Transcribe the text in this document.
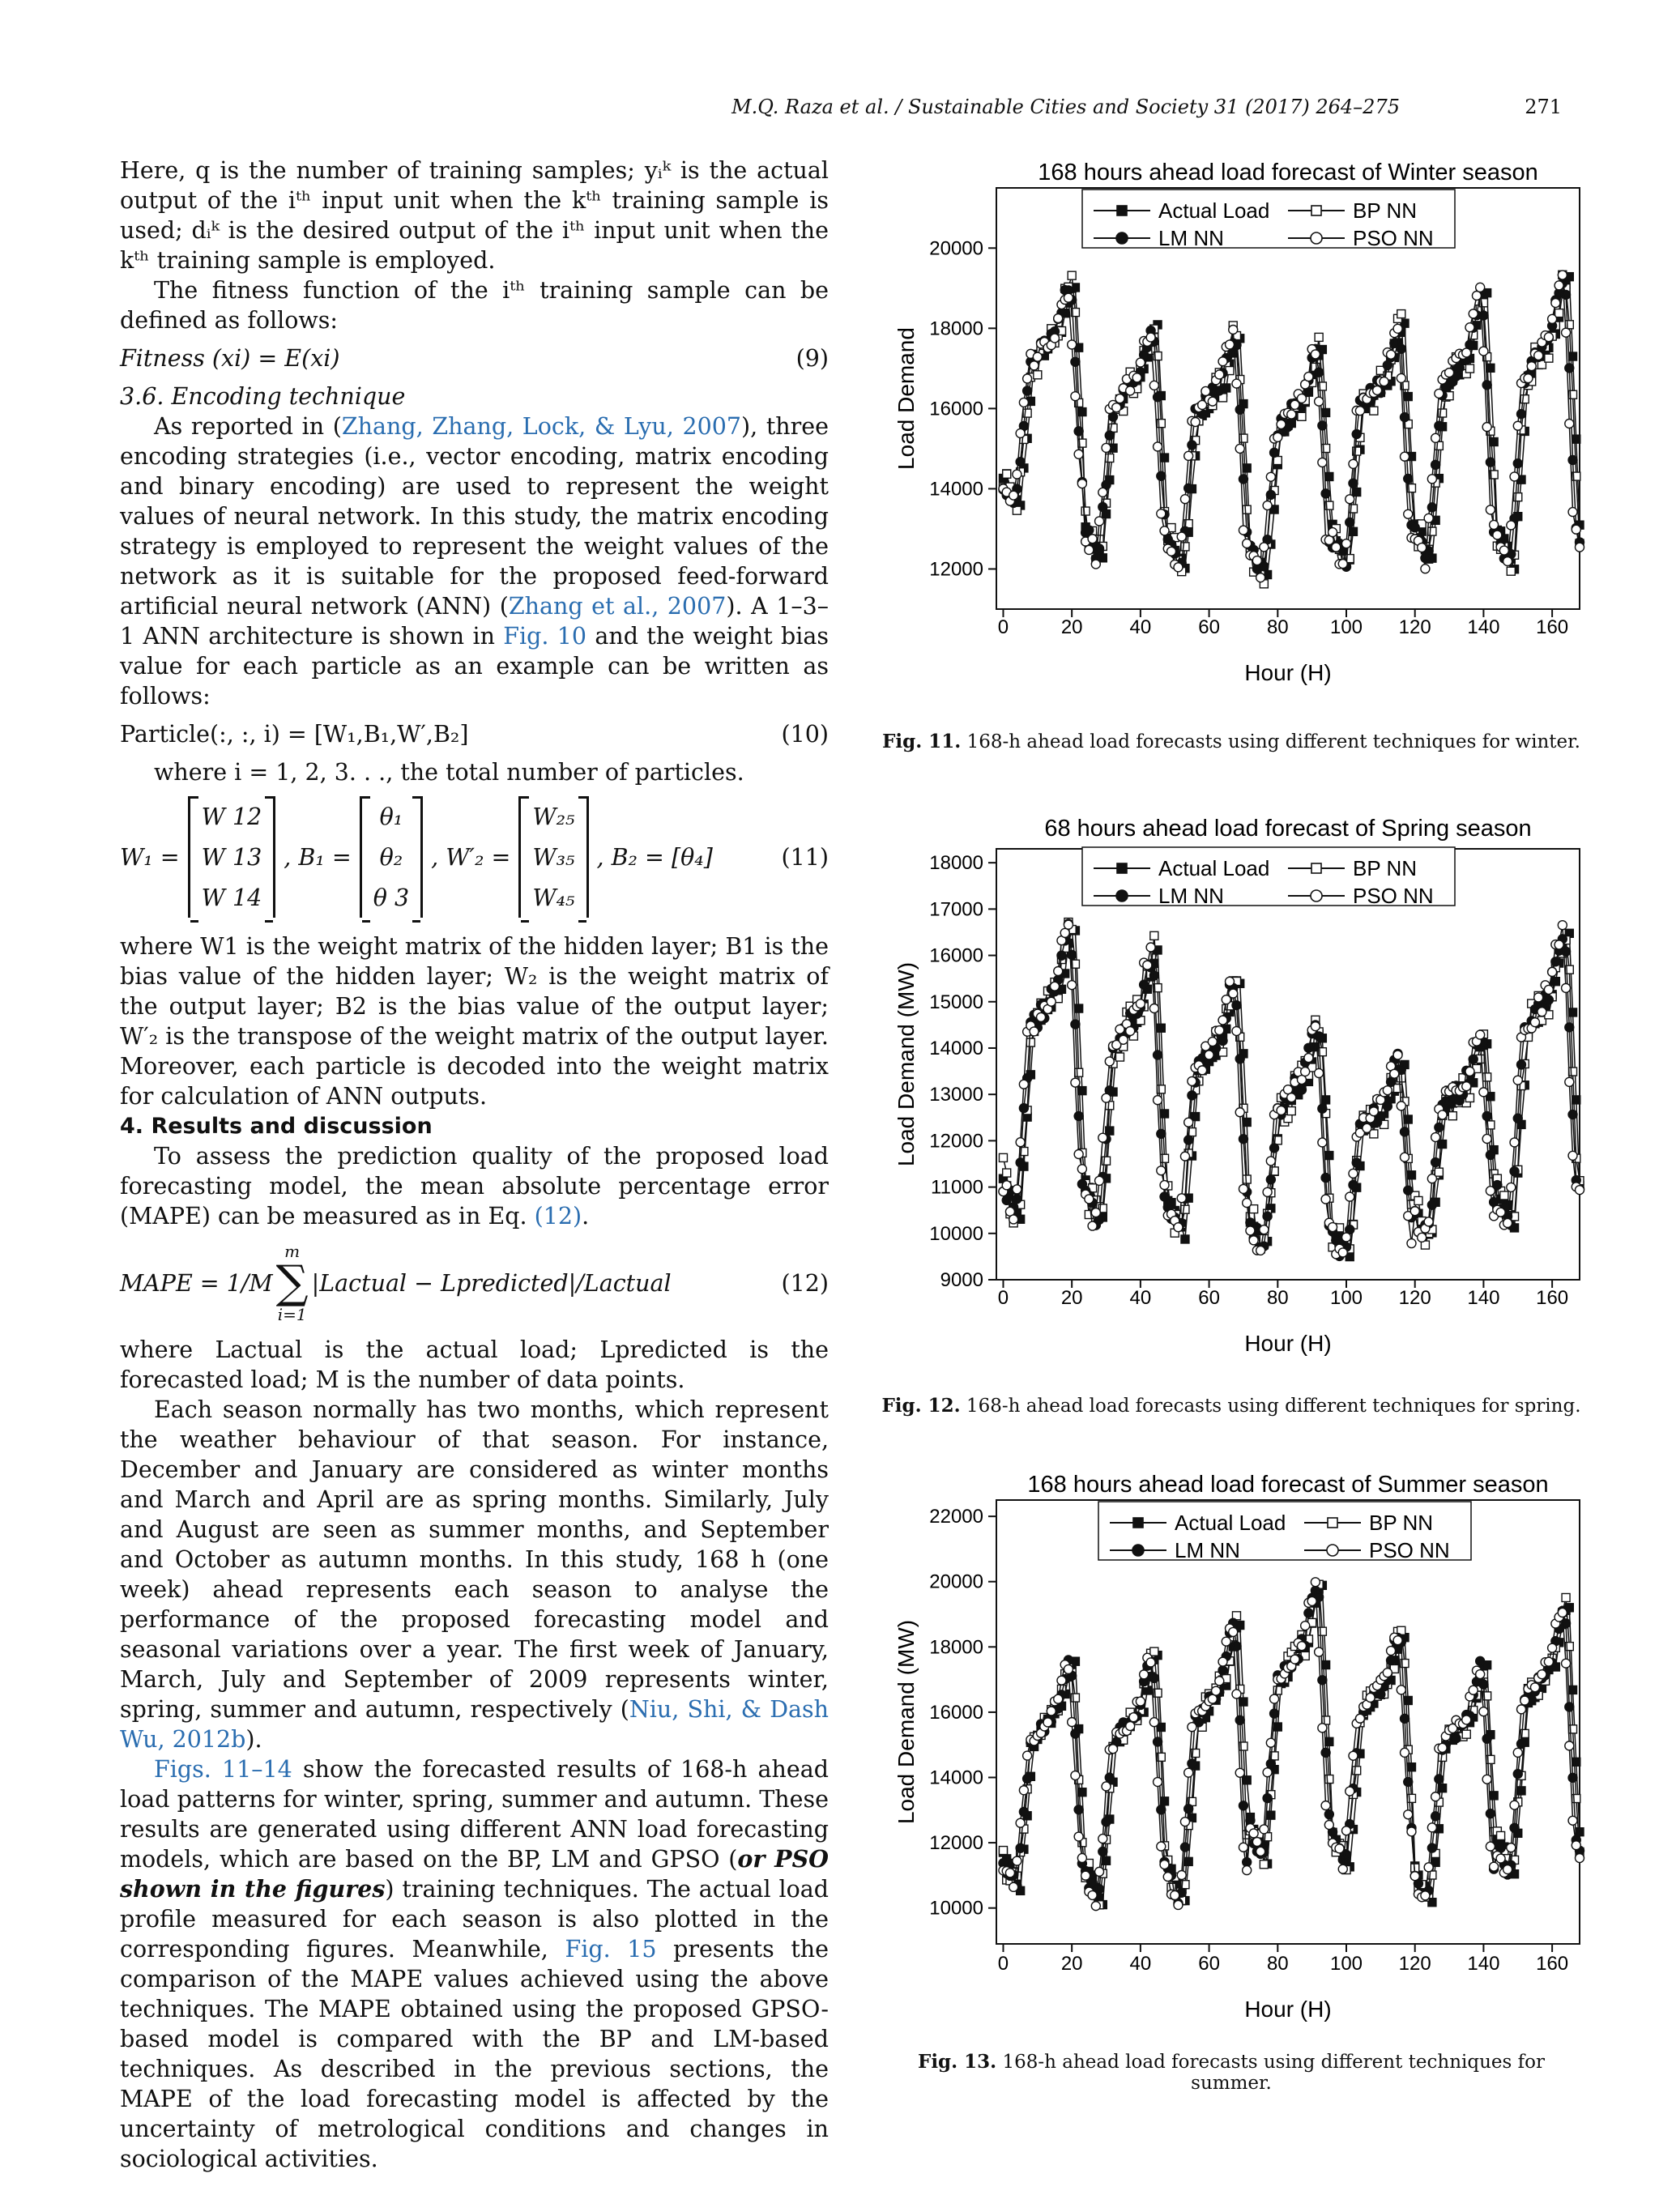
M.Q. Raza et al. / Sustainable Cities and Society 31 (2017) 264–275	271

Here, q is the number of training samples; yᵢᵏ is the actual output of the iᵗʰ input unit when the kᵗʰ training sample is used; dᵢᵏ is the desired output of the iᵗʰ input unit when the kᵗʰ training sample is employed.

The fitness function of the iᵗʰ training sample can be defined as follows:

Fitness (xi) = E(xi)	(9)

3.6. Encoding technique

As reported in (Zhang, Zhang, Lock, & Lyu, 2007), three encoding strategies (i.e., vector encoding, matrix encoding and binary encoding) are used to represent the weight values of neural network. In this study, the matrix encoding strategy is employed to represent the weight values of the network as it is suitable for the proposed feed-forward artificial neural network (ANN) (Zhang et al., 2007). A 1–3–1 ANN architecture is shown in Fig. 10 and the weight bias value for each particle as an example can be written as follows:

Particle(:, :, i) = [W₁,B₁,W′,B₂]	(10)

where i = 1, 2, 3. . ., the total number of particles.

W₁ =
W 12
W 13
W 14
, B₁ =
θ₁
θ₂
θ 3
, W′₂ =
W₂₅
W₃₅
W₄₅
, B₂ = [θ₄]	(11)

where W1 is the weight matrix of the hidden layer; B1 is the bias value of the hidden layer; W₂ is the weight matrix of the output layer; B2 is the bias value of the output layer; W′₂ is the transpose of the weight matrix of the output layer. Moreover, each particle is decoded into the weight matrix for calculation of ANN outputs.

4. Results and discussion

To assess the prediction quality of the proposed load forecasting model, the mean absolute percentage error (MAPE) can be measured as in Eq. (12).

MAPE = 1/M
m
∑
i=1
|Lactual − Lpredicted|/Lactual	(12)

where Lactual is the actual load; Lpredicted is the forecasted load; M is the number of data points.

Each season normally has two months, which represent the weather behaviour of that season. For instance, December and January are considered as winter months and March and April are as spring months. Similarly, July and August are seen as summer months, and September and October as autumn months. In this study, 168 h (one week) ahead represents each season to analyse the performance of the proposed forecasting model and seasonal variations over a year. The first week of January, March, July and September of 2009 represents winter, spring, summer and autumn, respectively (Niu, Shi, & Dash Wu, 2012b).

Figs. 11–14 show the forecasted results of 168-h ahead load patterns for winter, spring, summer and autumn. These results are generated using different ANN load forecasting models, which are based on the BP, LM and GPSO (or PSO shown in the figures) training techniques. The actual load profile measured for each season is also plotted in the corresponding figures. Meanwhile, Fig. 15 presents the comparison of the MAPE values achieved using the above techniques. The MAPE obtained using the proposed GPSO-based model is compared with the BP and LM-based techniques. As described in the previous sections, the MAPE of the load forecasting model is affected by the uncertainty of metrological conditions and changes in sociological activities.

168 hours ahead load forecast of Winter season
0	20 40 60 80 100 120 140 160
12000
14000
16000
18000
20000
Hour (H)
Load Demand
Actual Load	BP NN
LM NN	PSO NN
Fig. 11. 168-h ahead load forecasts using different techniques for winter.
68 hours ahead load forecast of Spring season
0	20 40 60 80 100 120 140 160
9000
10000
11000
12000
13000
14000
15000
16000
17000
18000
Hour (H)
Load Demand (MW)
Actual Load	BP NN
LM NN	PSO NN
Fig. 12. 168-h ahead load forecasts using different techniques for spring.
168 hours ahead load forecast of Summer season
0	20 40 60 80 100 120 140 160
10000
12000
14000
16000
18000
20000
22000
Hour (H)
Load Demand (MW)
Actual Load	BP NN
LM NN	PSO NN
Fig. 13. 168-h ahead load forecasts using different techniques for summer.
